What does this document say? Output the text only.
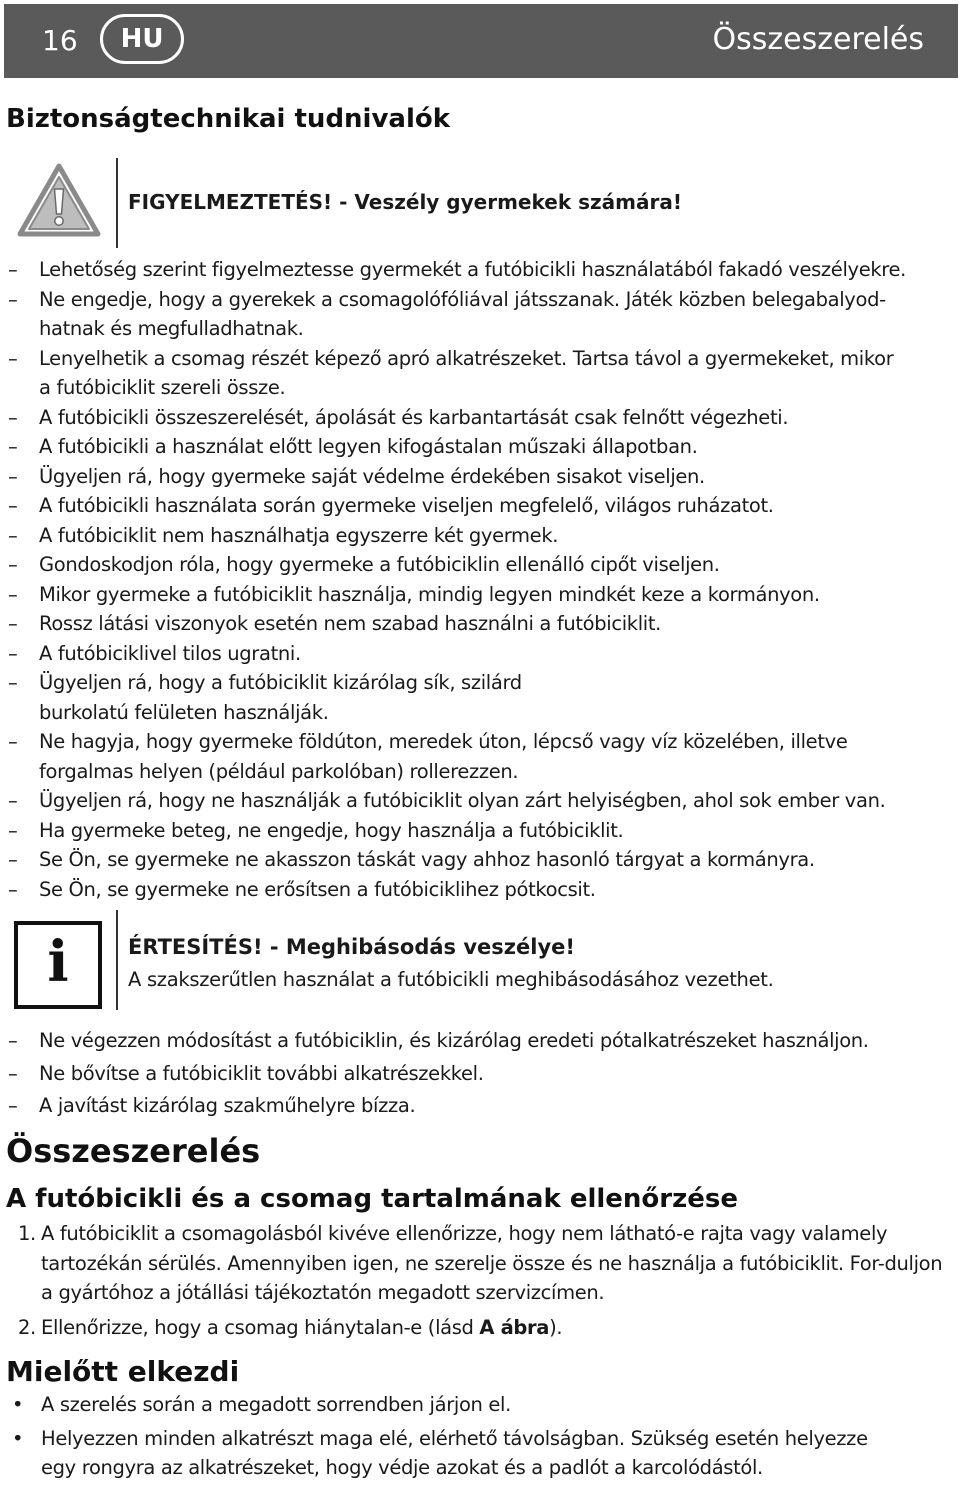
16	HU	Összeszerelés
Biztonságtechnikai tudnivalók
FIGYELMEZTETÉS! - Veszély gyermekek számára!
– Lehetőség szerint figyelmeztesse gyermekét a futóbicikli használatából fakadó veszélyekre.
– Ne engedje, hogy a gyerekek a csomagolófóliával játsszanak. Játék közben belegabalyod-
hatnak és megfulladhatnak.
– Lenyelhetik a csomag részét képező apró alkatrészeket. Tartsa távol a gyermekeket, mikor
a futóbiciklit szereli össze.
– A futóbicikli összeszerelését, ápolását és karbantartását csak felnőtt végezheti.
– A futóbicikli a használat előtt legyen kifogástalan műszaki állapotban.
– Ügyeljen rá, hogy gyermeke saját védelme érdekében sisakot viseljen.
– A futóbicikli használata során gyermeke viseljen megfelelő, világos ruházatot.
– A futóbiciklit nem használhatja egyszerre két gyermek.
– Gondoskodjon róla, hogy gyermeke a futóbiciklin ellenálló cipőt viseljen.
– Mikor gyermeke a futóbiciklit használja, mindig legyen mindkét keze a kormányon.
– Rossz látási viszonyok esetén nem szabad használni a futóbiciklit.
– A futóbiciklivel tilos ugratni.
– Ügyeljen rá, hogy a futóbiciklit kizárólag sík, szilárd
burkolatú felületen használják.
– Ne hagyja, hogy gyermeke földúton, meredek úton, lépcső vagy víz közelében, illetve
forgalmas helyen (például parkolóban) rollerezzen.
– Ügyeljen rá, hogy ne használják a futóbiciklit olyan zárt helyiségben, ahol sok ember van.
– Ha gyermeke beteg, ne engedje, hogy használja a futóbiciklit.
– Se Ön, se gyermeke ne akasszon táskát vagy ahhoz hasonló tárgyat a kormányra.
– Se Ön, se gyermeke ne erősítsen a futóbiciklihez pótkocsit.
i	ÉRTESÍTÉS! - Meghibásodás veszélye!
A szakszerűtlen használat a futóbicikli meghibásodásához vezethet.
– Ne végezzen módosítást a futóbiciklin, és kizárólag eredeti pótalkatrészeket használjon.
– Ne bővítse a futóbiciklit további alkatrészekkel.
– A javítást kizárólag szakműhelyre bízza.
Összeszerelés
A futóbicikli és a csomag tartalmának ellenőrzése
1. A futóbiciklit a csomagolásból kivéve ellenőrizze, hogy nem látható-e rajta vagy valamely tartozékán sérülés. Amennyiben igen, ne szerelje össze és ne használja a futóbiciklit. For-duljon a gyártóhoz a jótállási tájékoztatón megadott szervizcímen.
2. Ellenőrizze, hogy a csomag hiánytalan-e (lásd A ábra).
Mielőtt elkezdi
• A szerelés során a megadott sorrendben járjon el.
• Helyezzen minden alkatrészt maga elé, elérhető távolságban. Szükség esetén helyezze
egy rongyra az alkatrészeket, hogy védje azokat és a padlót a karcolódástól.
